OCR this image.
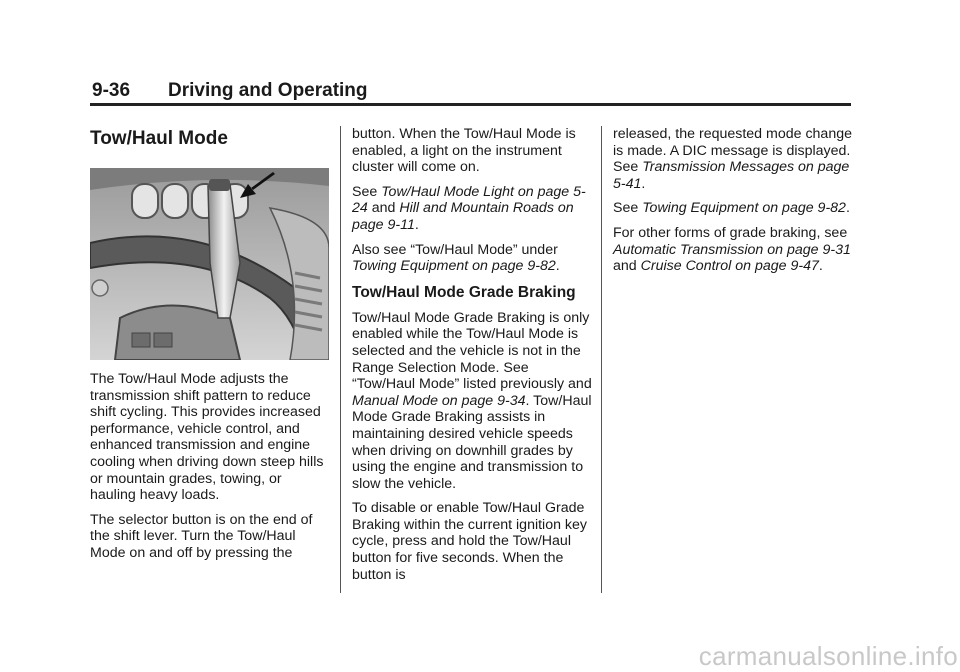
9-36 Driving and Operating
Tow/Haul Mode

The Tow/Haul Mode adjusts the transmission shift pattern to reduce shift cycling. This provides increased performance, vehicle control, and enhanced transmission and engine cooling when driving down steep hills or mountain grades, towing, or hauling heavy loads.

The selector button is on the end of the shift lever. Turn the Tow/Haul Mode on and off by pressing the

button. When the Tow/Haul Mode is enabled, a light on the instrument cluster will come on.

See Tow/Haul Mode Light on page 5-24 and Hill and Mountain Roads on page 9-11.

Also see “Tow/Haul Mode” under Towing Equipment on page 9-82.

Tow/Haul Mode Grade Braking

Tow/Haul Mode Grade Braking is only enabled while the Tow/Haul Mode is selected and the vehicle is not in the Range Selection Mode. See “Tow/Haul Mode” listed previously and Manual Mode on page 9-34. Tow/Haul Mode Grade Braking assists in maintaining desired vehicle speeds when driving on downhill grades by using the engine and transmission to slow the vehicle.

To disable or enable Tow/Haul Grade Braking within the current ignition key cycle, press and hold the Tow/Haul button for five seconds. When the button is

released, the requested mode change is made. A DIC message is displayed. See Transmission Messages on page 5-41.

See Towing Equipment on page 9-82.

For other forms of grade braking, see Automatic Transmission on page 9-31 and Cruise Control on page 9-47.

carmanualsonline.info
